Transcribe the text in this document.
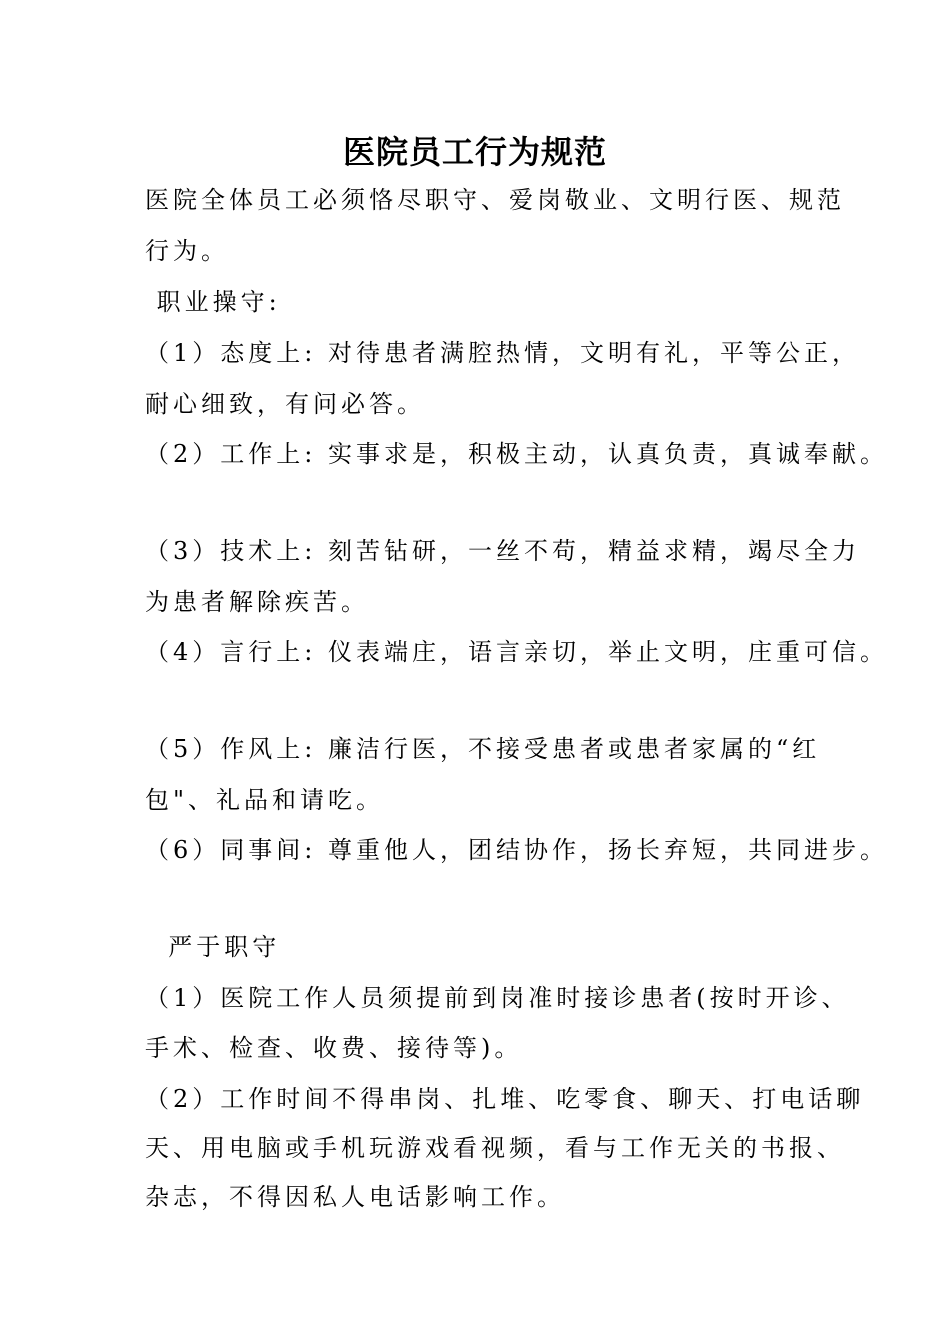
医院员工行为规范
医院全体员工必须恪尽职守、爱岗敬业、文明行医、规范
行为。
职业操守:
（1）态度上: 对待患者满腔热情，文明有礼，平等公正，
耐心细致，有问必答。
（2）工作上: 实事求是，积极主动，认真负责，真诚奉献。
（3）技术上: 刻苦钻研，一丝不苟，精益求精，竭尽全力
为患者解除疾苦。
（4）言行上: 仪表端庄，语言亲切，举止文明，庄重可信。
（5）作风上: 廉洁行医，不接受患者或患者家属的“红
包"、礼品和请吃。
（6）同事间: 尊重他人，团结协作，扬长弃短，共同进步。
严于职守
（1）医院工作人员须提前到岗准时接诊患者(按时开诊、
手术、检查、收费、接待等)。
（2）工作时间不得串岗、扎堆、吃零食、聊天、打电话聊
天、用电脑或手机玩游戏看视频，看与工作无关的书报、
杂志，不得因私人电话影响工作。
